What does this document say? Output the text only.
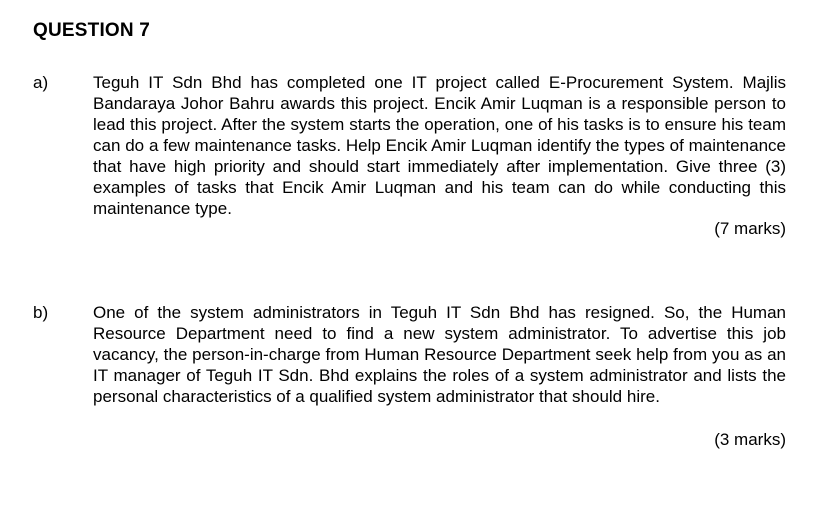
QUESTION 7
a)	Teguh IT Sdn Bhd has completed one IT project called E-Procurement System. Majlis Bandaraya Johor Bahru awards this project. Encik Amir Luqman is a responsible person to lead this project. After the system starts the operation, one of his tasks is to ensure his team can do a few maintenance tasks. Help Encik Amir Luqman identify the types of maintenance that have high priority and should start immediately after implementation. Give three (3) examples of tasks that Encik Amir Luqman and his team can do while conducting this maintenance type.

(7 marks)
b)	One of the system administrators in Teguh IT Sdn Bhd has resigned. So, the Human Resource Department need to find a new system administrator. To advertise this job vacancy, the person-in-charge from Human Resource Department seek help from you as an IT manager of Teguh IT Sdn. Bhd explains the roles of a system administrator and lists the personal characteristics of a qualified system administrator that should hire.

(3 marks)
